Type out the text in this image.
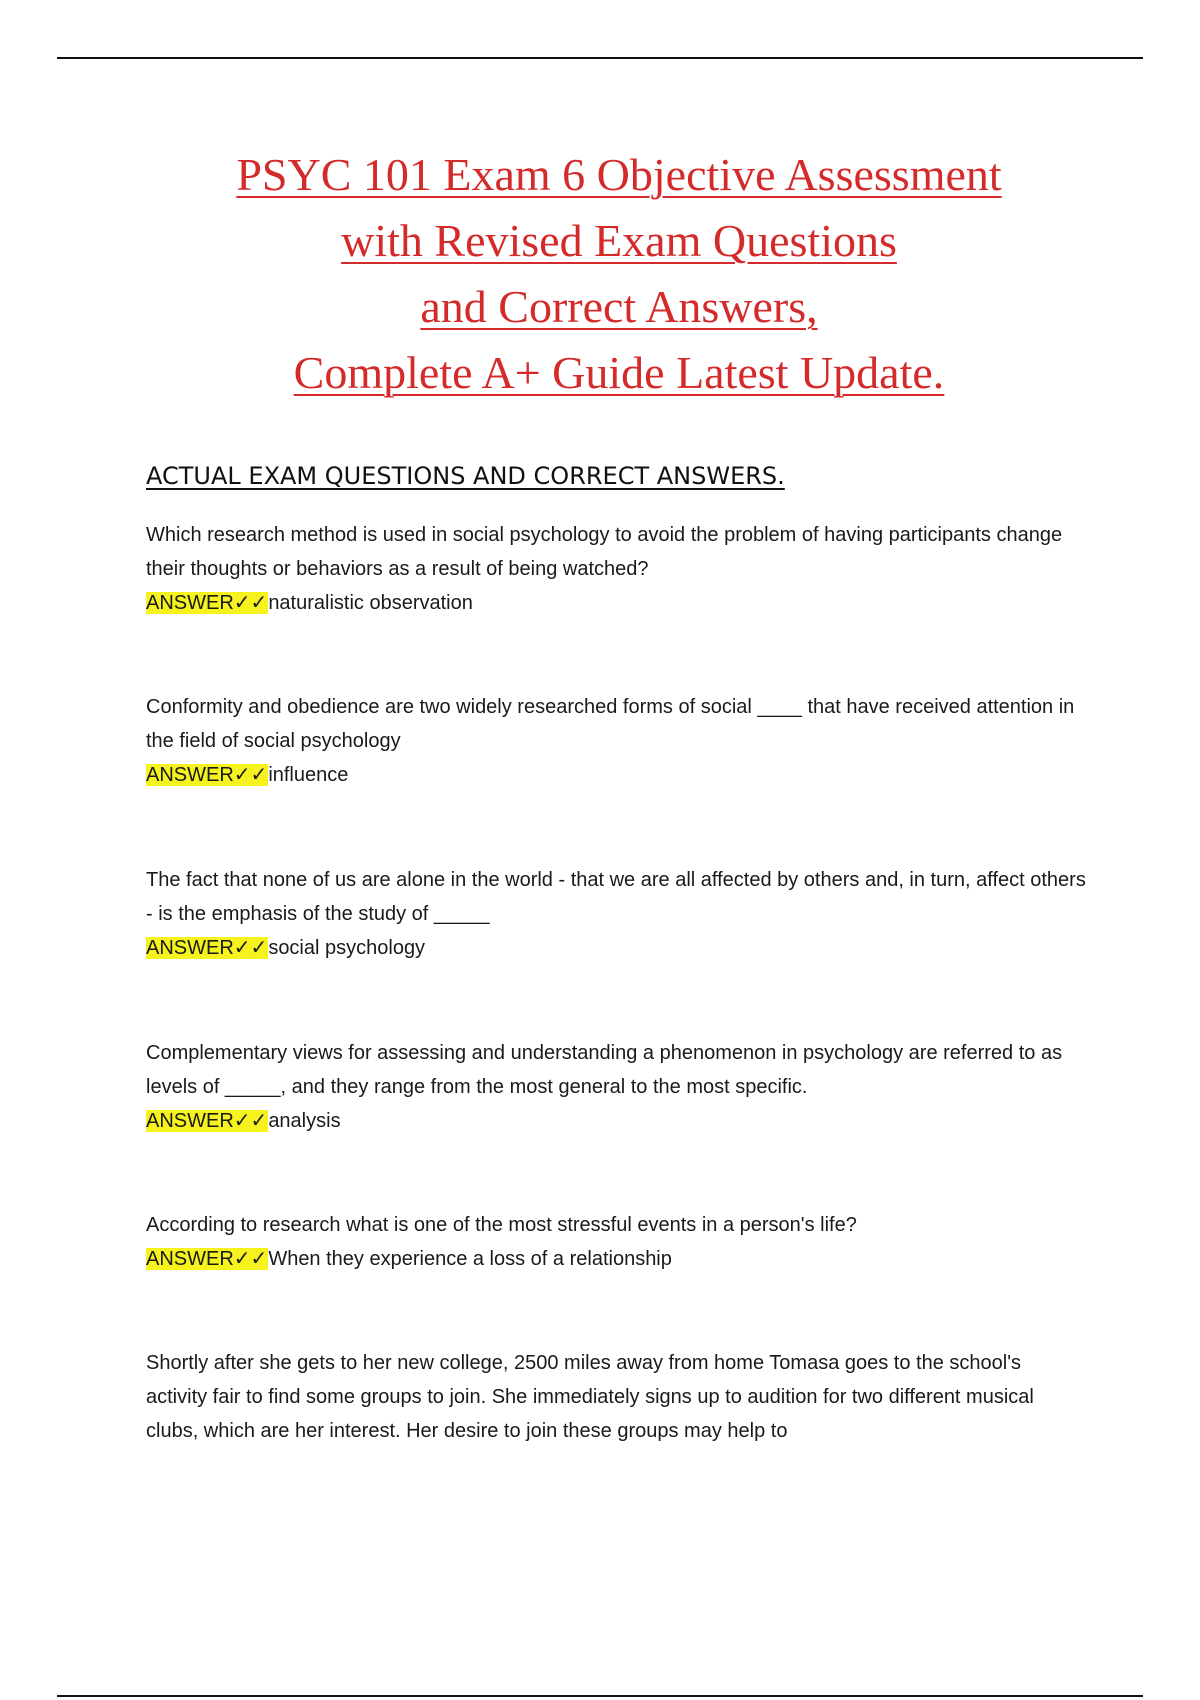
PSYC 101 Exam 6 Objective Assessment
with Revised Exam Questions
and Correct Answers,
Complete A+ Guide Latest Update.
ACTUAL EXAM QUESTIONS AND CORRECT ANSWERS.
Which research method is used in social psychology to avoid the problem of having participants change their thoughts or behaviors as a result of being watched?
ANSWER✓✓naturalistic observation
Conformity and obedience are two widely researched forms of social ____ that have received attention in the field of social psychology
ANSWER✓✓influence
The fact that none of us are alone in the world - that we are all affected by others and, in turn, affect others - is the emphasis of the study of _____
ANSWER✓✓social psychology
Complementary views for assessing and understanding a phenomenon in psychology are referred to as levels of _____, and they range from the most general to the most specific.
ANSWER✓✓analysis
According to research what is one of the most stressful events in a person's life?
ANSWER✓✓When they experience a loss of a relationship
Shortly after she gets to her new college, 2500 miles away from home Tomasa goes to the school's activity fair to find some groups to join. She immediately signs up to audition for two different musical clubs, which are her interest. Her desire to join these groups may help to
